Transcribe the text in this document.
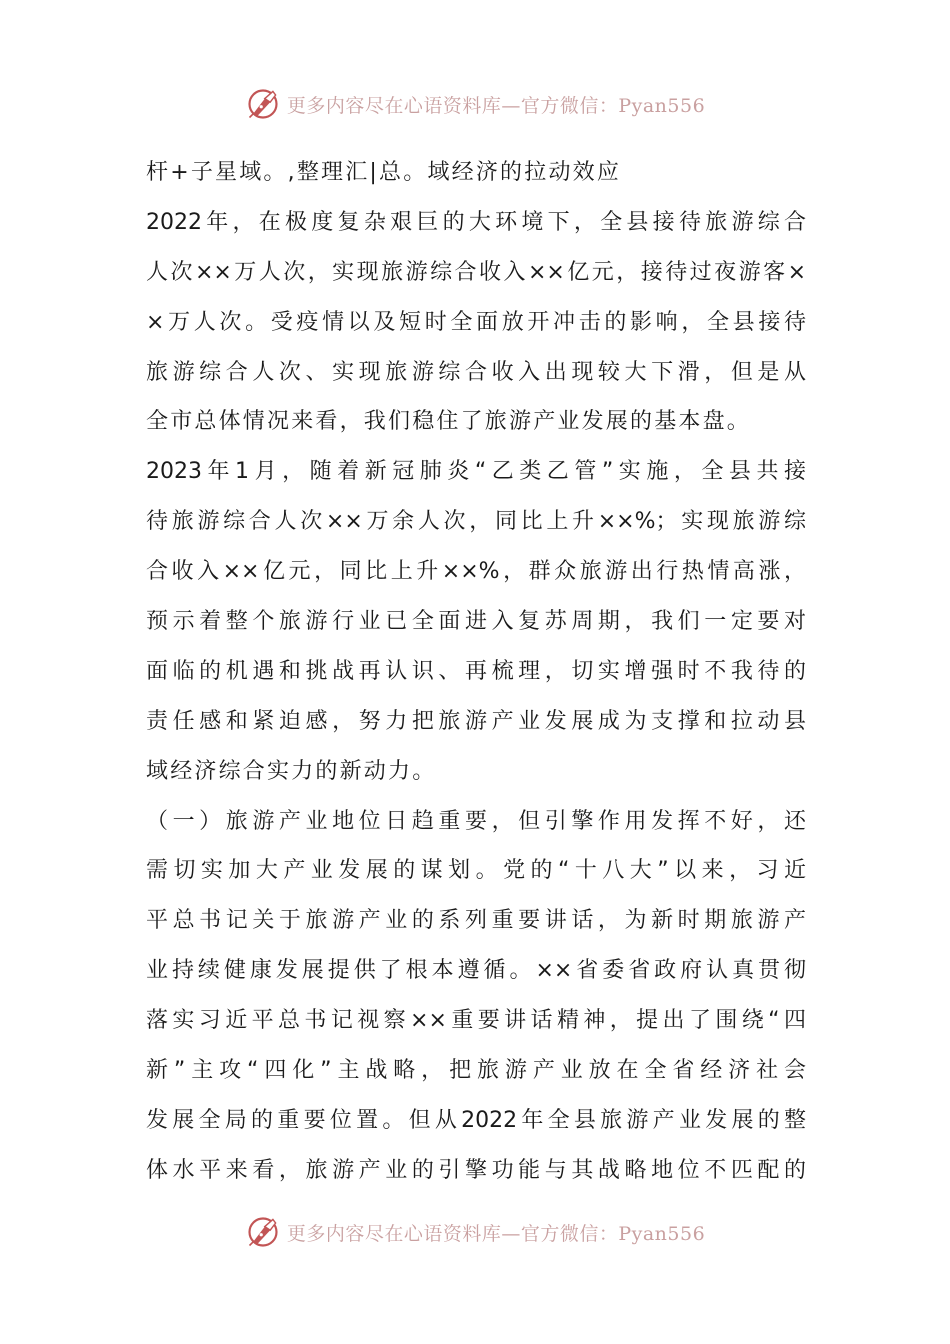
更多内容尽在心语资料库—官方微信：Pyan556
杆+子星域。,整理汇|总。域经济的拉动效应
2022年，在极度复杂艰巨的大环境下，全县接待旅游综合
人次××万人次，实现旅游综合收入××亿元，接待过夜游客×
×万人次。受疫情以及短时全面放开冲击的影响，全县接待
旅游综合人次、实现旅游综合收入出现较大下滑，但是从
全市总体情况来看，我们稳住了旅游产业发展的基本盘。
2023年1月，随着新冠肺炎“乙类乙管”实施，全县共接
待旅游综合人次××万余人次，同比上升××%；实现旅游综
合收入××亿元，同比上升××%，群众旅游出行热情高涨，
预示着整个旅游行业已全面进入复苏周期，我们一定要对
面临的机遇和挑战再认识、再梳理，切实增强时不我待的
责任感和紧迫感，努力把旅游产业发展成为支撑和拉动县
域经济综合实力的新动力。
（一）旅游产业地位日趋重要，但引擎作用发挥不好，还
需切实加大产业发展的谋划。党的“十八大”以来，习近
平总书记关于旅游产业的系列重要讲话，为新时期旅游产
业持续健康发展提供了根本遵循。××省委省政府认真贯彻
落实习近平总书记视察××重要讲话精神，提出了围绕“四
新”主攻“四化”主战略，把旅游产业放在全省经济社会
发展全局的重要位置。但从2022年全县旅游产业发展的整
体水平来看，旅游产业的引擎功能与其战略地位不匹配的
更多内容尽在心语资料库—官方微信：Pyan556
